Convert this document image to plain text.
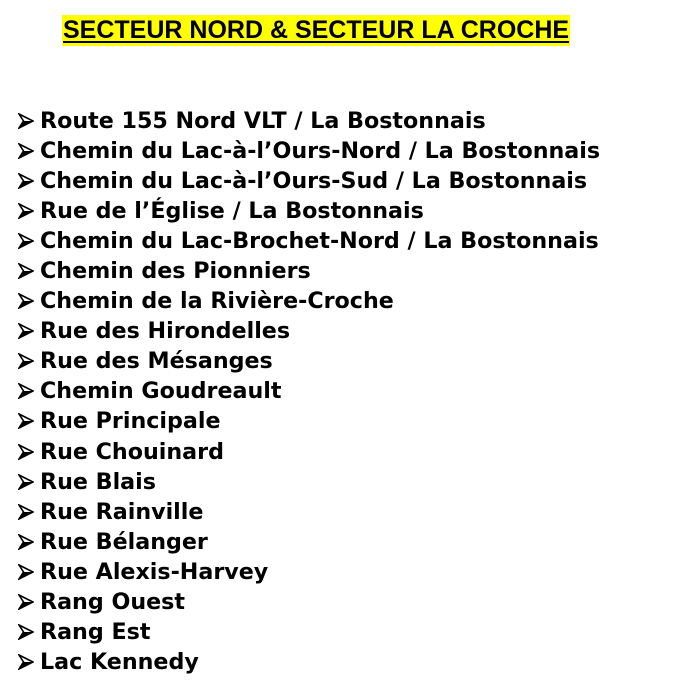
SECTEUR NORD & SECTEUR LA CROCHE
Route 155 Nord VLT / La Bostonnais
Chemin du Lac-à-l’Ours-Nord / La Bostonnais
Chemin du Lac-à-l’Ours-Sud / La Bostonnais
Rue de l’Église / La Bostonnais
Chemin du Lac-Brochet-Nord / La Bostonnais
Chemin des Pionniers
Chemin de la Rivière-Croche
Rue des Hirondelles
Rue des Mésanges
Chemin Goudreault
Rue Principale
Rue Chouinard
Rue Blais
Rue Rainville
Rue Bélanger
Rue Alexis-Harvey
Rang Ouest
Rang Est
Lac Kennedy
